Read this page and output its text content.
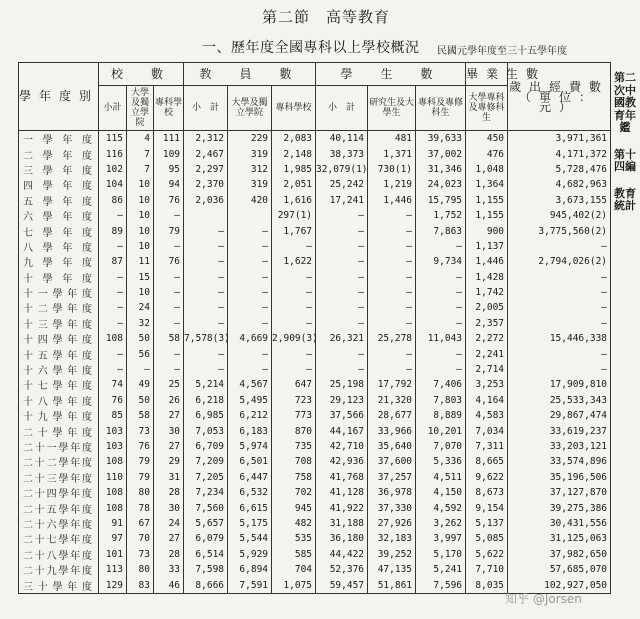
第二節　高等教育
一、歷年度全國專科以上學校概況 民國元學年度至三十五學年度
第二次中國教育年鑑
第十四編
教育統計
學年度別	校　數			教　員　數			學　生　數			畢業生數	歲出經費數（單位：元）
	小計	大學及獨立學院	專科學校	小　計	大學及獨立學院	專科學校	小　計	研究生及大學生	專科及專修科生	大學專科及專修科生	
一學年度	115	4	111	2,312	229	2,083	40,114	481	39,633	450	3,971,361
二學年度	116	7	109	2,467	319	2,148	38,373	1,371	37,002	476	4,171,372
三學年度	102	7	95	2,297	312	1,985	32,079(1)	730(1)	31,346	1,048	5,728,476
四學年度	104	10	94	2,370	319	2,051	25,242	1,219	24,023	1,364	4,682,963
五學年度	86	10	76	2,036	420	1,616	17,241	1,446	15,795	1,155	3,673,155
六學年度	—	10	—			297(1)	—	—	1,752	1,155	945,402(2)
七學年度	89	10	79	—	—	1,767	—	—	7,863	900	3,775,560(2)
八學年度	—	10	—	—	—	—	—	—	—	1,137	—
九學年度	87	11	76	—	—	1,622	—	—	9,734	1,446	2,794,026(2)
十學年度	—	15	—	—	—	—	—	—	—	1,428	—
十一學年度	—	10	—	—	—	—	—	—	—	1,742	—
十二學年度	—	24	—	—	—	—	—	—	—	2,005	—
十三學年度	—	32	—	—	—	—	—	—	—	2,357	—
十四學年度	108	50	58	7,578(3)	4,669	2,909(3)	26,321	25,278	11,043	2,272	15,446,338
十五學年度	—	56	—	—	—	—	—	—	—	2,241	—
十六學年度	—	—	—	—	—	—	—	—	—	2,714	—
十七學年度	74	49	25	5,214	4,567	647	25,198	17,792	7,406	3,253	17,909,810
十八學年度	76	50	26	6,218	5,495	723	29,123	21,320	7,803	4,164	25,533,343
十九學年度	85	58	27	6,985	6,212	773	37,566	28,677	8,889	4,583	29,867,474
二十學年度	103	73	30	7,053	6,183	870	44,167	33,966	10,201	7,034	33,619,237
二十一學年度	103	76	27	6,709	5,974	735	42,710	35,640	7,070	7,311	33,203,121
二十二學年度	108	79	29	7,209	6,501	708	42,936	37,600	5,336	8,665	33,574,896
二十三學年度	110	79	31	7,205	6,447	758	41,768	37,257	4,511	9,622	35,196,506
二十四學年度	108	80	28	7,234	6,532	702	41,128	36,978	4,150	8,673	37,127,870
二十五學年度	108	78	30	7,560	6,615	945	41,922	37,330	4,592	9,154	39,275,386
二十六學年度	91	67	24	5,657	5,175	482	31,188	27,926	3,262	5,137	30,431,556
二十七學年度	97	70	27	6,079	5,544	535	36,180	32,183	3,997	5,085	31,125,063
二十八學年度	101	73	28	6,514	5,929	585	44,422	39,252	5,170	5,622	37,982,650
二十九學年度	113	80	33	7,598	6,894	704	52,376	47,135	5,241	7,710	57,685,070
三十學年度	129	83	46	8,666	7,591	1,075	59,457	51,861	7,596	8,035	102,927,050
知乎 @Jorsen
